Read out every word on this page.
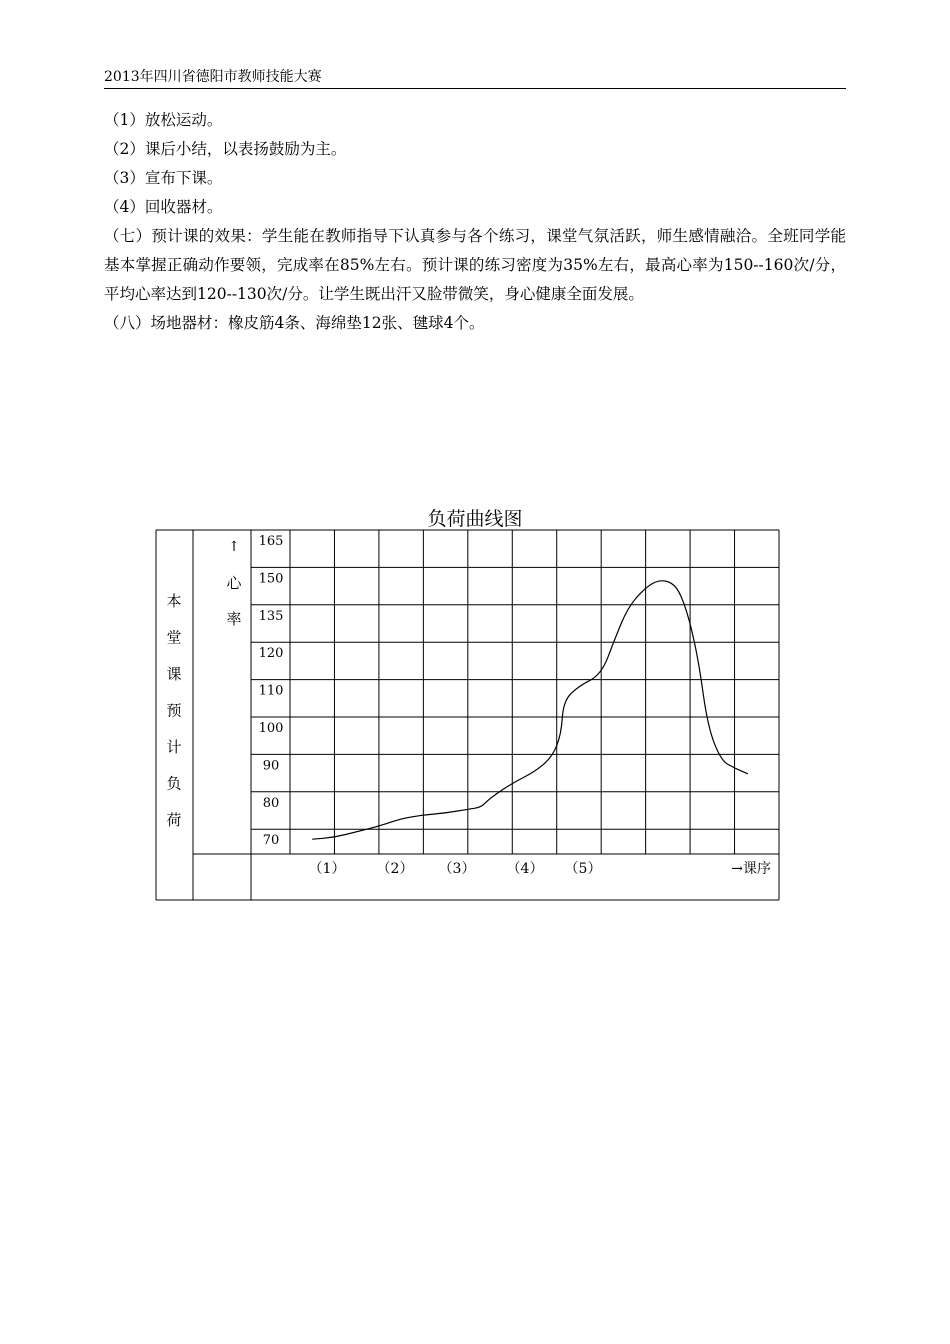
2013年四川省德阳市教师技能大赛

（1）放松运动。

（2）课后小结，以表扬鼓励为主。

（3）宣布下课。

（4）回收器材。

（七）预计课的效果：学生能在教师指导下认真参与各个练习，课堂气氛活跃，师生感情融洽。全班同学能基本掌握正确动作要领，完成率在85%左右。预计课的练习密度为35%左右，最高心率为150--160次/分，平均心率达到120--130次/分。让学生既出汗又脸带微笑，身心健康全面发展。

（八）场地器材：橡皮筋4条、海绵垫12张、毽球4个。

负荷曲线图
本
堂
课
预
计
负
荷
↑
心
率
165
150
135
120
110
100
90
80
70
（1） （2） （3） （4） （5）	→课序
